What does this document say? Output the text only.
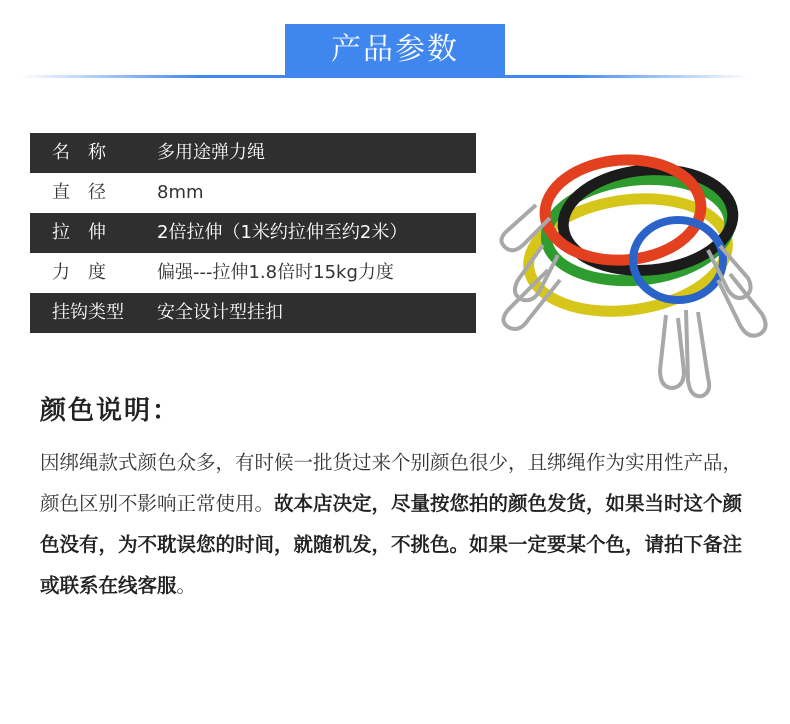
产品参数
名　称	多用途弹力绳
直　径	8mm
拉　伸	2倍拉伸（1米约拉伸至约2米）
力　度	偏强---拉伸1.8倍时15kg力度
挂钩类型	安全设计型挂扣
颜色说明：
因绑绳款式颜色众多，有时候一批货过来个别颜色很少，且绑绳作为实用性产品，颜色区别不影响正常使用。故本店决定，尽量按您拍的颜色发货，如果当时这个颜色没有，为不耽误您的时间，就随机发，不挑色。如果一定要某个色，请拍下备注或联系在线客服。
